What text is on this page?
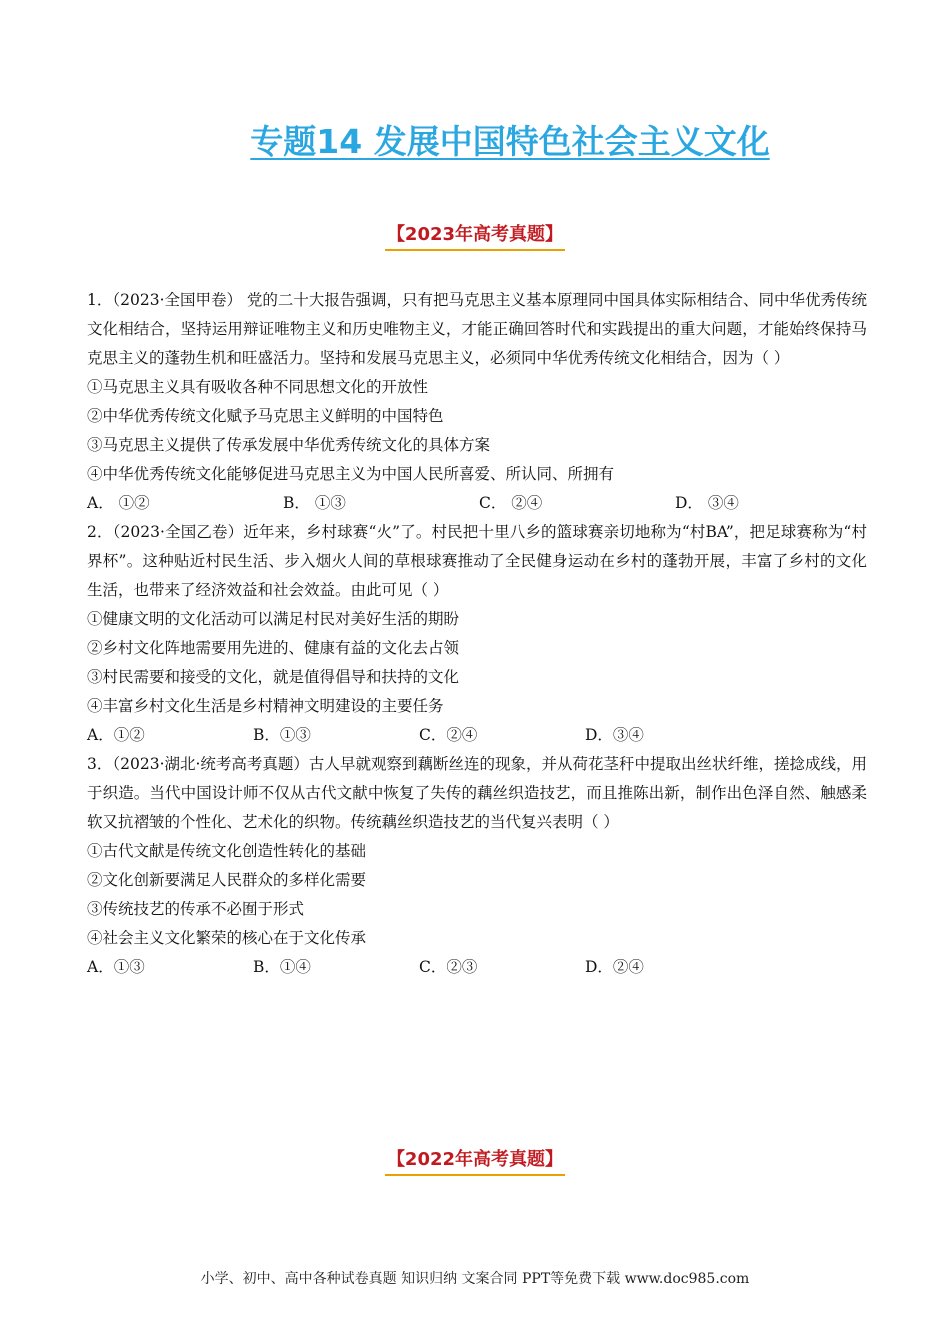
专题14 发展中国特色社会主义文化
【2023年高考真题】

1．（2023·全国甲卷） 党的二十大报告强调，只有把马克思主义基本原理同中国具体实际相结合、同中华优秀传统文化相结合，坚持运用辩证唯物主义和历史唯物主义，才能正确回答时代和实践提出的重大问题，才能始终保持马克思主义的蓬勃生机和旺盛活力。坚持和发展马克思主义，必须同中华优秀传统文化相结合，因为（ ）

①马克思主义具有吸收各种不同思想文化的开放性

②中华优秀传统文化赋予马克思主义鲜明的中国特色

③马克思主义提供了传承发展中华优秀传统文化的具体方案

④中华优秀传统文化能够促进马克思主义为中国人民所喜爱、所认同、所拥有

A． ①②	B． ①③	C． ②④	D． ③④

2．（2023·全国乙卷）近年来，乡村球赛“火”了。村民把十里八乡的篮球赛亲切地称为“村BA”，把足球赛称为“村界杯”。这种贴近村民生活、步入烟火人间的草根球赛推动了全民健身运动在乡村的蓬勃开展，丰富了乡村的文化生活，也带来了经济效益和社会效益。由此可见（ ）

①健康文明的文化活动可以满足村民对美好生活的期盼

②乡村文化阵地需要用先进的、健康有益的文化去占领

③村民需要和接受的文化，就是值得倡导和扶持的文化

④丰富乡村文化生活是乡村精神文明建设的主要任务

A．①②	B．①③	C．②④	D．③④

3．（2023·湖北·统考高考真题）古人早就观察到藕断丝连的现象，并从荷花茎秆中提取出丝状纤维，搓捻成线，用于织造。当代中国设计师不仅从古代文献中恢复了失传的藕丝织造技艺，而且推陈出新，制作出色泽自然、触感柔软又抗褶皱的个性化、艺术化的织物。传统藕丝织造技艺的当代复兴表明（ ）

①古代文献是传统文化创造性转化的基础

②文化创新要满足人民群众的多样化需要

③传统技艺的传承不必囿于形式

④社会主义文化繁荣的核心在于文化传承

A．①③	B．①④	C．②③	D．②④
【2022年高考真题】
小学、初中、高中各种试卷真题 知识归纳 文案合同 PPT等免费下载 www.doc985.com
